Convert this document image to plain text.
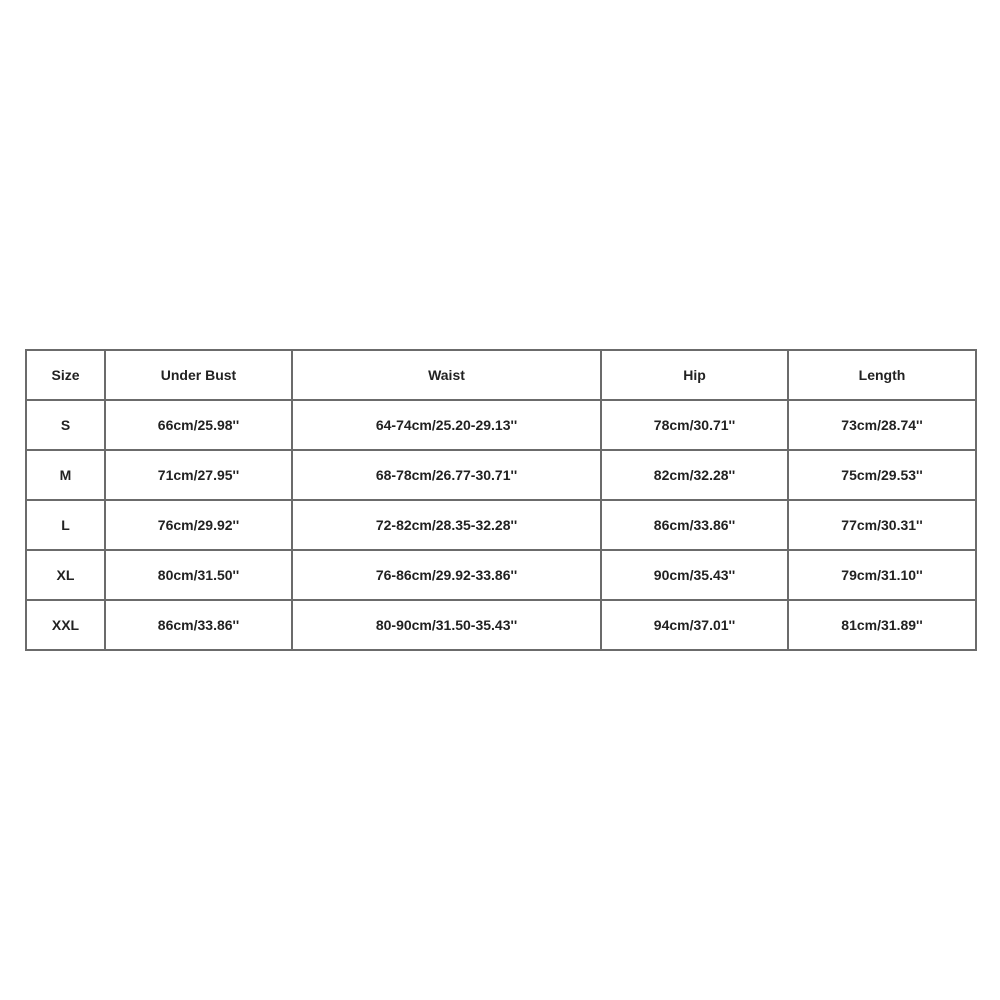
Size	Under Bust	Waist	Hip	Length
S	66cm/25.98''	64-74cm/25.20-29.13''	78cm/30.71''	73cm/28.74''
M	71cm/27.95''	68-78cm/26.77-30.71''	82cm/32.28''	75cm/29.53''
L	76cm/29.92''	72-82cm/28.35-32.28''	86cm/33.86''	77cm/30.31''
XL	80cm/31.50''	76-86cm/29.92-33.86''	90cm/35.43''	79cm/31.10''
XXL	86cm/33.86''	80-90cm/31.50-35.43''	94cm/37.01''	81cm/31.89''
